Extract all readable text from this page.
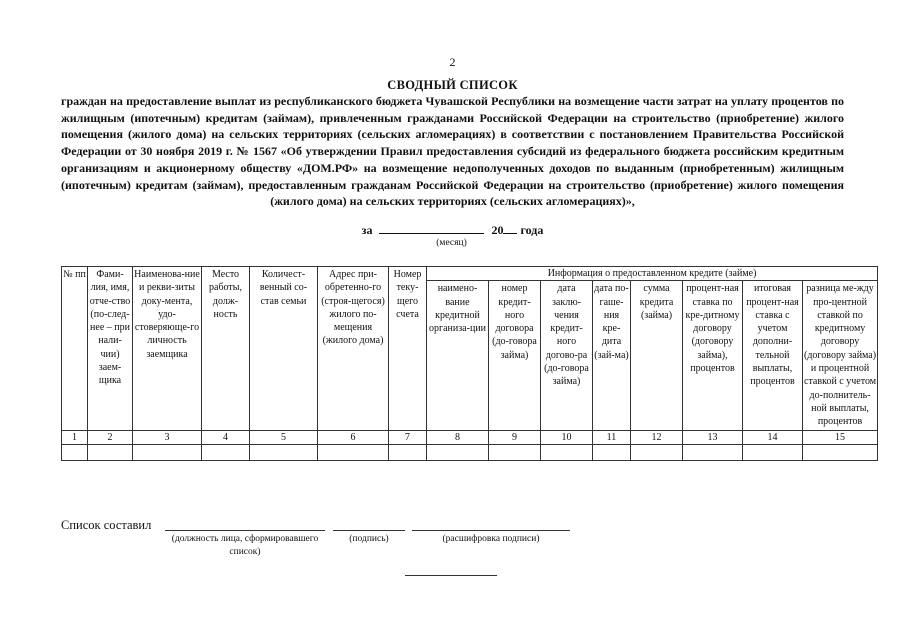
2
СВОДНЫЙ СПИСОК
граждан на предоставление выплат из республиканского бюджета Чувашской Республики на возмещение части затрат на уплату процентов по жилищным (ипотечным) кредитам (займам), привлеченным гражданами Российской Федерации на строительство (приобретение) жилого помещения (жилого дома) на сельских территориях (сельских агломерациях) в соответствии с постановлением Правительства Российской Федерации от 30 ноября 2019 г. № 1567 «Об утверждении Правил предоставления субсидий из федерального бюджета российским кредитным организациям и акционерному обществу «ДОМ.РФ» на возмещение недополученных доходов по выданным (приобретенным) жилищным (ипотечным) кредитам (займам), предоставленным гражданам Российской Федерации на строительство (приобретение) жилого помещения (жилого дома) на сельских территориях (сельских агломерациях)»,
за	20 года
(месяц)
№ пп	Фами-лия, имя, отче-ство (по-след-нее – при нали-чии) заем-щика	Наименова-ние и рекви-зиты доку-мента, удо-стоверяюще-го личность заемщика	Место работы, долж-ность	Количест-венный со-став семьи	Адрес при-обретенно-го (строя-щегося) жилого по-мещения (жилого дома)	Номер теку-щего счета	Информация о предоставленном кредите (займе)							
							наимено-вание кредитной организа-ции	номер кредит-ного договора (до-говора займа)	дата заклю-чения кредит-ного догово-ра (до-говора займа)	дата по-гаше-ния кре-дита (зай-ма)	сумма кредита (займа)	процент-ная ставка по кре-дитному договору (договору займа), процентов	итоговая процент-ная ставка с учетом дополни-тельной выплаты, процентов	разница ме-жду про-центной ставкой по кредитному договору (договору займа) и процентной ставкой с учетом до-полнитель-ной выплаты, процентов
1	2	3	4	5	6	7	8	9	10	11	12	13	14	15

Список составил
(должность лица, сформировавшего список)
(подпись)	(расшифровка подписи)
